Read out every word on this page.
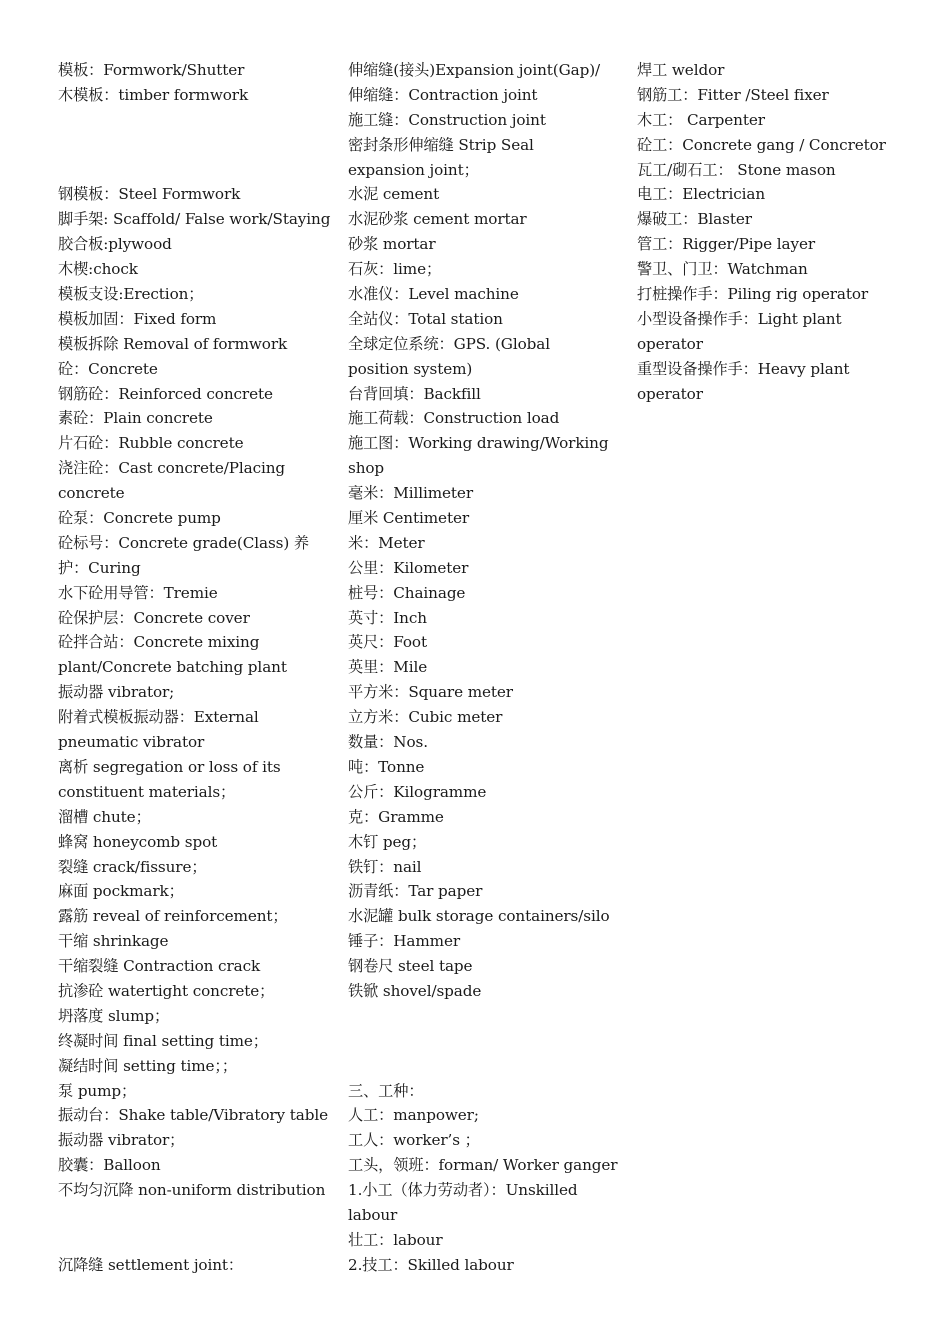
模板：Formwork/Shutter
木模板：timber formwork
钢模板：Steel Formwork
脚手架: Scaffold/ False work/Staying
胶合板:plywood
木楔:chock
模板支设:Erection；
模板加固：Fixed form
模板拆除 Removal of formwork
砼：Concrete
钢筋砼：Reinforced concrete
素砼：Plain concrete
片石砼：Rubble concrete
浇注砼：Cast concrete/Placing
concrete
砼泵：Concrete pump
砼标号：Concrete grade(Class) 养
护：Curing
水下砼用导管：Tremie
砼保护层：Concrete cover
砼拌合站：Concrete mixing
plant/Concrete batching plant
振动器 vibrator;
附着式模板振动器：External
pneumatic vibrator
离析 segregation or loss of its
constituent materials；
溜槽 chute；
蜂窝 honeycomb spot
裂缝 crack/fissure；
麻面 pockmark；
露筋 reveal of reinforcement；
干缩 shrinkage
干缩裂缝 Contraction crack
抗渗砼 watertight concrete；
坍落度 slump；
终凝时间 final setting time；
凝结时间 setting time；；
泵 pump；
振动台：Shake table/Vibratory table
振动器 vibrator；
胶囊：Balloon
不均匀沉降 non-uniform distribution
沉降缝 settlement joint：
伸缩缝(接头)Expansion joint(Gap)/
伸缩缝：Contraction joint
施工缝：Construction joint
密封条形伸缩缝 Strip Seal
expansion joint；
水泥 cement
水泥砂浆 cement mortar
砂浆 mortar
石灰：lime；
水准仪：Level machine
全站仪：Total station
全球定位系统：GPS. (Global
position system)
台背回填：Backfill
施工荷载：Construction load
施工图：Working drawing/Working
shop
毫米：Millimeter
厘米 Centimeter
米：Meter
公里：Kilometer
桩号：Chainage
英寸：Inch
英尺：Foot
英里：Mile
平方米：Square meter
立方米：Cubic meter
数量：Nos.
吨：Tonne
公斤：Kilogramme
克：Gramme
木钉 peg；
铁钉：nail
沥青纸：Tar paper
水泥罐 bulk storage containers/silo
锤子：Hammer
钢卷尺 steel tape
铁锨 shovel/spade
三、工种：
人工：manpower;
工人：worker’s ；
工头，领班：forman/ Worker ganger
1.小工（体力劳动者）：Unskilled
labour
壮工：labour
2.技工：Skilled labour
焊工 weldor
钢筋工：Fitter /Steel fixer
木工： Carpenter
砼工：Concrete gang / Concretor
瓦工/砌石工： Stone mason
电工：Electrician
爆破工：Blaster
管工：Rigger/Pipe layer
警卫、门卫：Watchman
打桩操作手：Piling rig operator
小型设备操作手：Light plant
operator
重型设备操作手：Heavy plant
operator
